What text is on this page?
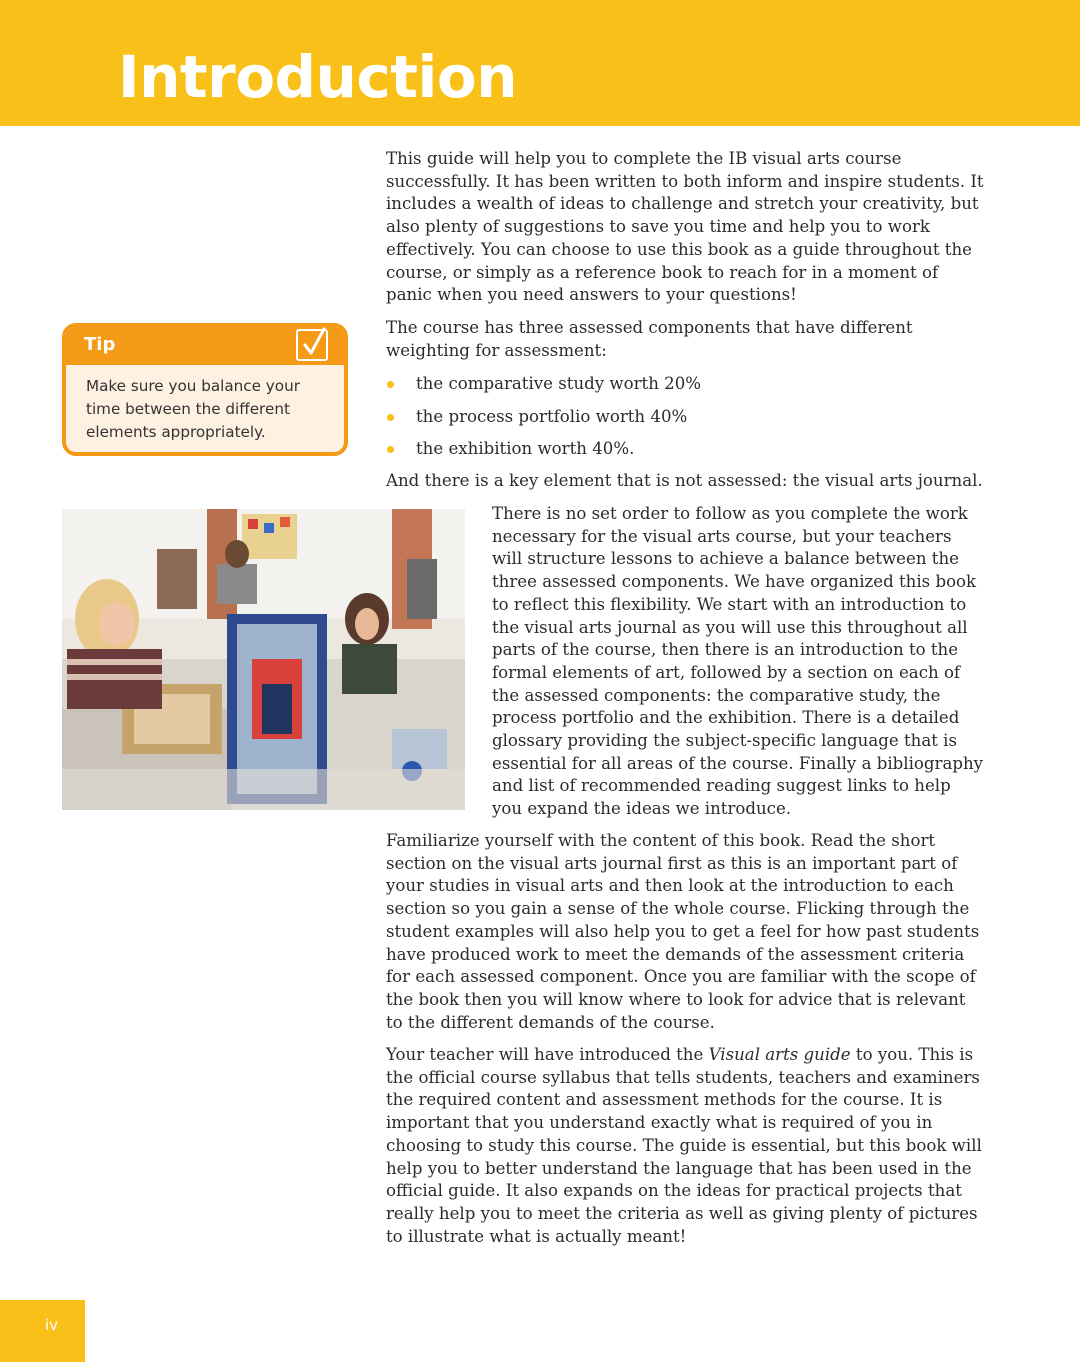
Introduction
Tip
Make sure you balance your time between the different elements appropriately.

This guide will help you to complete the IB visual arts course successfully. It has been written to both inform and inspire students. It includes a wealth of ideas to challenge and stretch your creativity, but also plenty of suggestions to save you time and help you to work effectively. You can choose to use this book as a guide throughout the course, or simply as a reference book to reach for in a moment of panic when you need answers to your questions!

The course has three assessed components that have different weighting for assessment:

the comparative study worth 20%
the process portfolio worth 40%
the exhibition worth 40%.

And there is a key element that is not assessed: the visual arts journal.

There is no set order to follow as you complete the work necessary for the visual arts course, but your teachers will structure lessons to achieve a balance between the three assessed components. We have organized this book to reflect this flexibility. We start with an introduction to the visual arts journal as you will use this throughout all parts of the course, then there is an introduction to the formal elements of art, followed by a section on each of the assessed components: the comparative study, the process portfolio and the exhibition. There is a detailed glossary providing the subject-specific language that is essential for all areas of the course. Finally a bibliography and list of recommended reading suggest links to help you expand the ideas we introduce.

Familiarize yourself with the content of this book. Read the short section on the visual arts journal first as this is an important part of your studies in visual arts and then look at the introduction to each section so you gain a sense of the whole course. Flicking through the student examples will also help you to get a feel for how past students have produced work to meet the demands of the assessment criteria for each assessed component. Once you are familiar with the scope of the book then you will know where to look for advice that is relevant to the different demands of the course.

Your teacher will have introduced the Visual arts guide to you. This is the official course syllabus that tells students, teachers and examiners the required content and assessment methods for the course. It is important that you understand exactly what is required of you in choosing to study this course. The guide is essential, but this book will help you to better understand the language that has been used in the official guide. It also expands on the ideas for practical projects that really help you to meet the criteria as well as giving plenty of pictures to illustrate what is actually meant!

iv
